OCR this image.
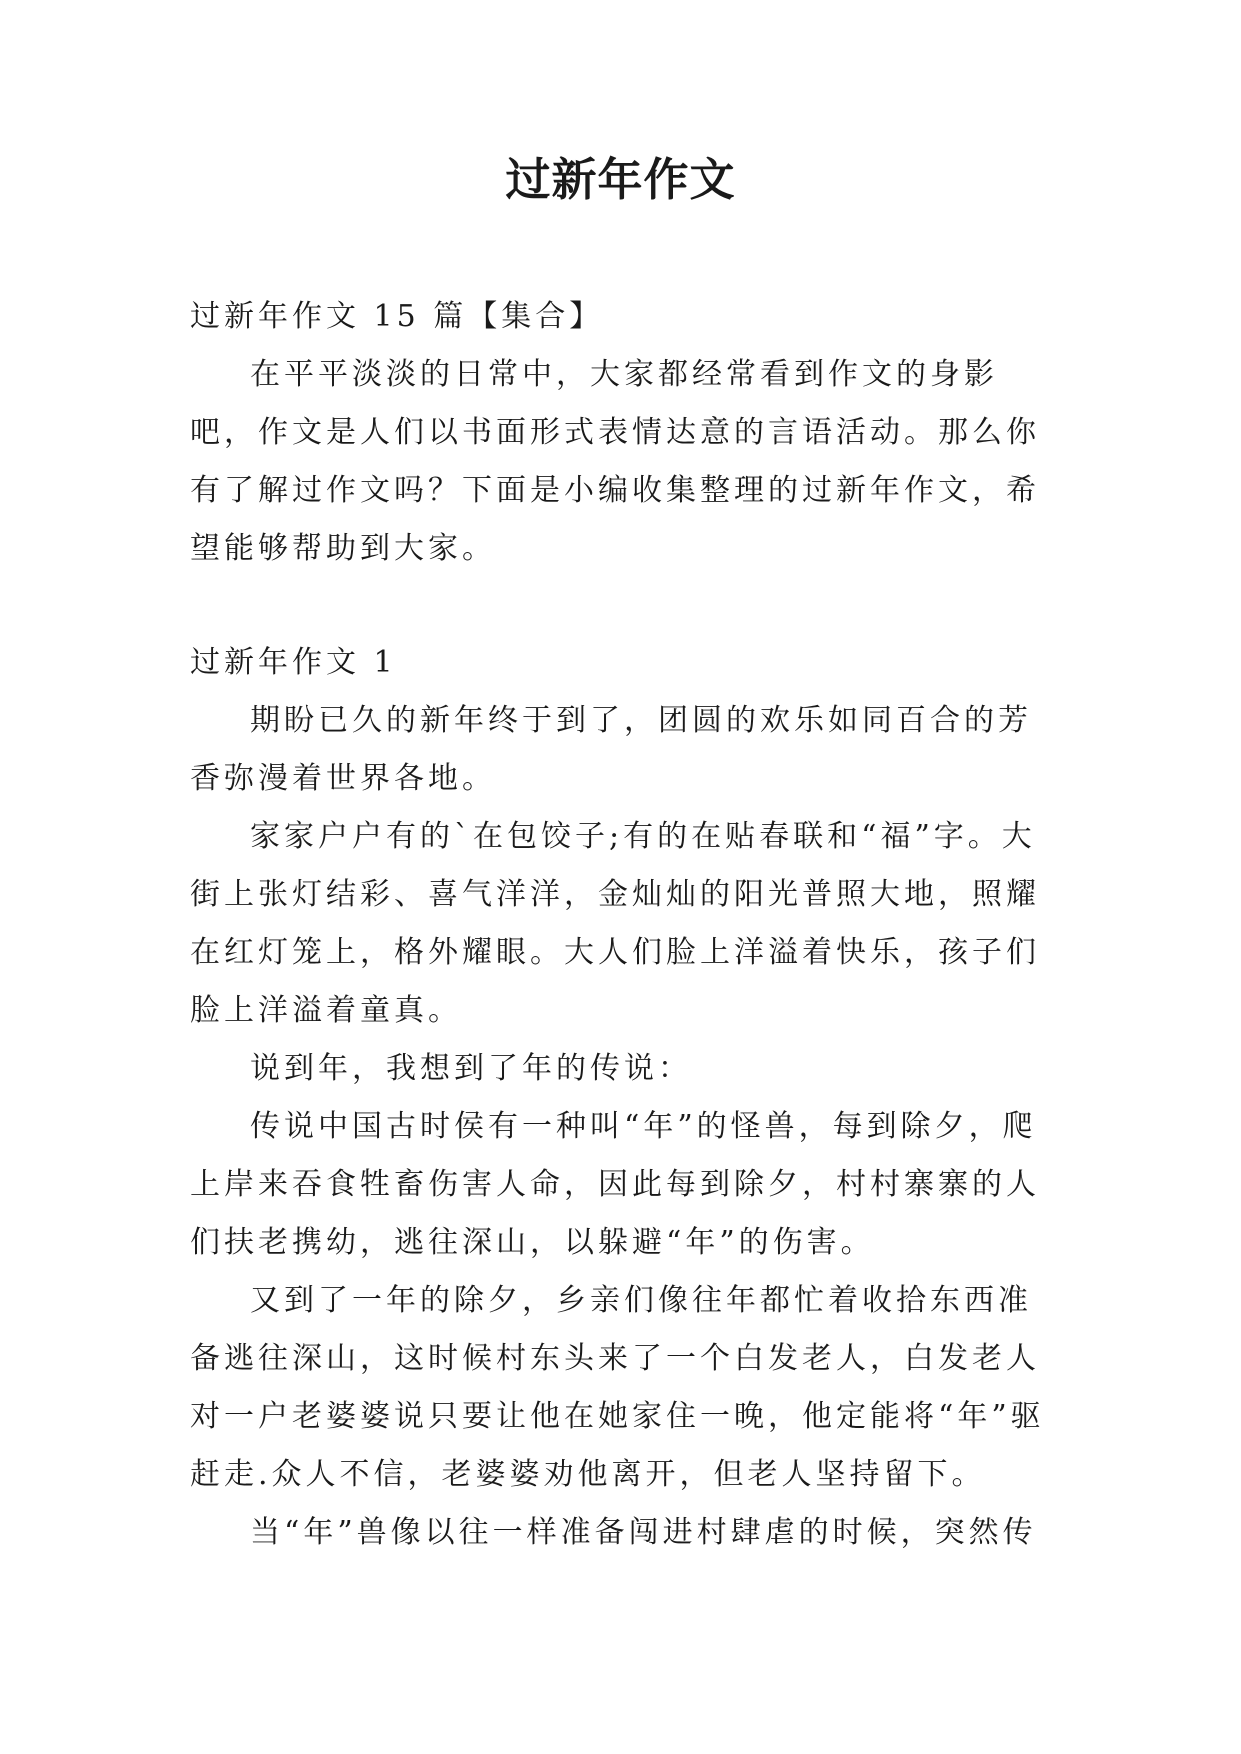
过新年作文

过新年作文 15 篇【集合】

在平平淡淡的日常中，大家都经常看到作文的身影吧，作文是人们以书面形式表情达意的言语活动。那么你有了解过作文吗？下面是小编收集整理的过新年作文，希望能够帮助到大家。

过新年作文 1

期盼已久的新年终于到了，团圆的欢乐如同百合的芳香弥漫着世界各地。

家家户户有的`在包饺子;有的在贴春联和“福”字。大街上张灯结彩、喜气洋洋，金灿灿的阳光普照大地，照耀在红灯笼上，格外耀眼。大人们脸上洋溢着快乐，孩子们脸上洋溢着童真。

说到年，我想到了年的传说：

传说中国古时侯有一种叫“年”的怪兽，每到除夕，爬上岸来吞食牲畜伤害人命，因此每到除夕，村村寨寨的人们扶老携幼，逃往深山，以躲避“年”的伤害。

又到了一年的除夕，乡亲们像往年都忙着收拾东西准备逃往深山，这时候村东头来了一个白发老人，白发老人对一户老婆婆说只要让他在她家住一晚，他定能将“年”驱赶走.众人不信，老婆婆劝他离开，但老人坚持留下。

当“年”兽像以往一样准备闯进村肆虐的时候，突然传
